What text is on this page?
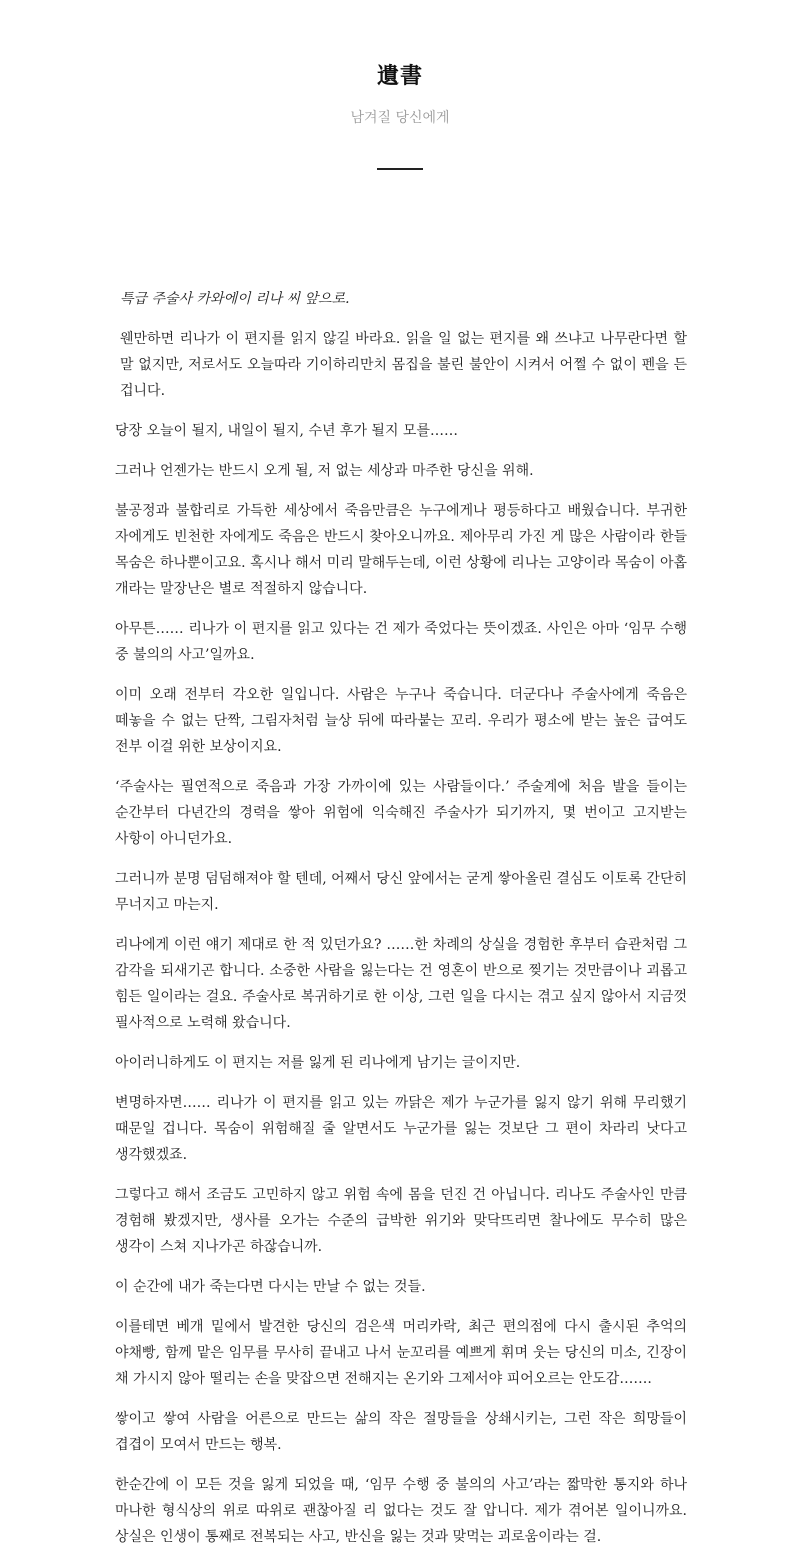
遺書
남겨질 당신에게

특급 주술사 카와에이 리나 씨 앞으로.

웬만하면 리나가 이 편지를 읽지 않길 바라요. 읽을 일 없는 편지를 왜 쓰냐고 나무란다면 할 말 없지만, 저로서도 오늘따라 기이하리만치 몸집을 불린 불안이 시켜서 어쩔 수 없이 펜을 든 겁니다.

당장 오늘이 될지, 내일이 될지, 수년 후가 될지 모를……

그러나 언젠가는 반드시 오게 될, 저 없는 세상과 마주한 당신을 위해.

불공정과 불합리로 가득한 세상에서 죽음만큼은 누구에게나 평등하다고 배웠습니다. 부귀한 자에게도 빈천한 자에게도 죽음은 반드시 찾아오니까요. 제아무리 가진 게 많은 사람이라 한들 목숨은 하나뿐이고요. 혹시나 해서 미리 말해두는데, 이런 상황에 리나는 고양이라 목숨이 아홉 개라는 말장난은 별로 적절하지 않습니다.

아무튼…… 리나가 이 편지를 읽고 있다는 건 제가 죽었다는 뜻이겠죠. 사인은 아마 ‘임무 수행 중 불의의 사고’일까요.

이미 오래 전부터 각오한 일입니다. 사람은 누구나 죽습니다. 더군다나 주술사에게 죽음은 떼놓을 수 없는 단짝, 그림자처럼 늘상 뒤에 따라붙는 꼬리. 우리가 평소에 받는 높은 급여도 전부 이걸 위한 보상이지요.

‘주술사는 필연적으로 죽음과 가장 가까이에 있는 사람들이다.’ 주술계에 처음 발을 들이는 순간부터 다년간의 경력을 쌓아 위험에 익숙해진 주술사가 되기까지, 몇 번이고 고지받는 사항이 아니던가요.

그러니까 분명 덤덤해져야 할 텐데, 어째서 당신 앞에서는 굳게 쌓아올린 결심도 이토록 간단히 무너지고 마는지.

리나에게 이런 얘기 제대로 한 적 있던가요? ……한 차례의 상실을 경험한 후부터 습관처럼 그 감각을 되새기곤 합니다. 소중한 사람을 잃는다는 건 영혼이 반으로 찢기는 것만큼이나 괴롭고 힘든 일이라는 걸요. 주술사로 복귀하기로 한 이상, 그런 일을 다시는 겪고 싶지 않아서 지금껏 필사적으로 노력해 왔습니다.

아이러니하게도 이 편지는 저를 잃게 된 리나에게 남기는 글이지만.

변명하자면…… 리나가 이 편지를 읽고 있는 까닭은 제가 누군가를 잃지 않기 위해 무리했기 때문일 겁니다. 목숨이 위험해질 줄 알면서도 누군가를 잃는 것보단 그 편이 차라리 낫다고 생각했겠죠.

그렇다고 해서 조금도 고민하지 않고 위험 속에 몸을 던진 건 아닙니다. 리나도 주술사인 만큼 경험해 봤겠지만, 생사를 오가는 수준의 급박한 위기와 맞닥뜨리면 찰나에도 무수히 많은 생각이 스쳐 지나가곤 하잖습니까.

이 순간에 내가 죽는다면 다시는 만날 수 없는 것들.

이를테면 베개 밑에서 발견한 당신의 검은색 머리카락, 최근 편의점에 다시 출시된 추억의 야채빵, 함께 맡은 임무를 무사히 끝내고 나서 눈꼬리를 예쁘게 휘며 웃는 당신의 미소, 긴장이 채 가시지 않아 떨리는 손을 맞잡으면 전해지는 온기와 그제서야 피어오르는 안도감…….

쌓이고 쌓여 사람을 어른으로 만드는 삶의 작은 절망들을 상쇄시키는, 그런 작은 희망들이 겹겹이 모여서 만드는 행복.

한순간에 이 모든 것을 잃게 되었을 때, ‘임무 수행 중 불의의 사고’라는 짧막한 통지와 하나 마나한 형식상의 위로 따위로 괜찮아질 리 없다는 것도 잘 압니다. 제가 겪어본 일이니까요. 상실은 인생이 통째로 전복되는 사고, 반신을 잃는 것과 맞먹는 괴로움이라는 걸.
